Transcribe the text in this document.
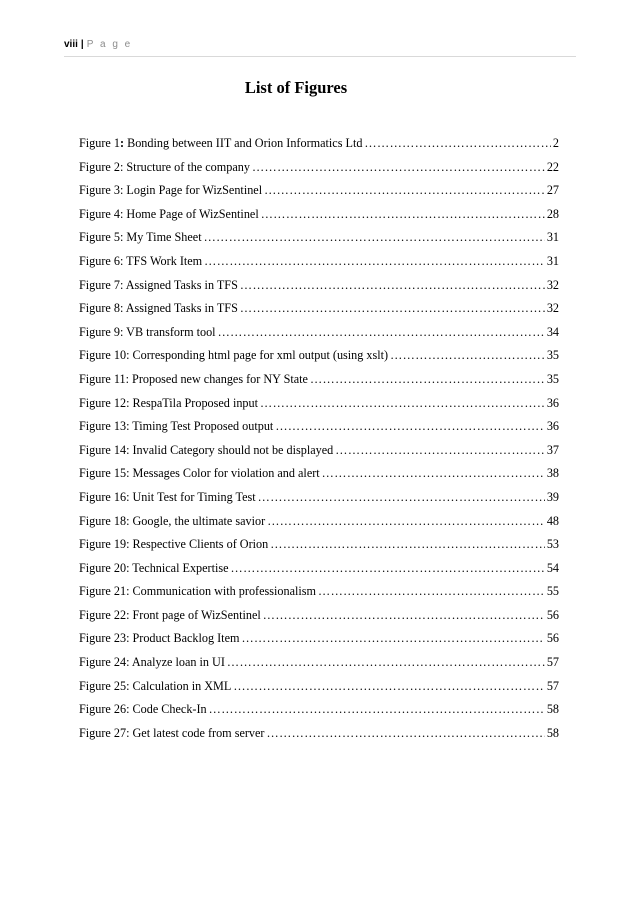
viii | P a g e
List of Figures
Figure 1: Bonding between IIT and Orion Informatics Ltd …………………………………………………………………………………………………………………………………………………………	2
Figure 2: Structure of the company …………………………………………………………………………………………………………………………………………………………	22
Figure 3: Login Page for WizSentinel …………………………………………………………………………………………………………………………………………………………	27
Figure 4: Home Page of WizSentinel …………………………………………………………………………………………………………………………………………………………	28
Figure 5: My Time Sheet …………………………………………………………………………………………………………………………………………………………	31
Figure 6: TFS Work Item …………………………………………………………………………………………………………………………………………………………	31
Figure 7: Assigned Tasks in TFS …………………………………………………………………………………………………………………………………………………………	32
Figure 8: Assigned Tasks in TFS …………………………………………………………………………………………………………………………………………………………	32
Figure 9: VB transform tool …………………………………………………………………………………………………………………………………………………………	34
Figure 10: Corresponding html page for xml output (using xslt) …………………………………………………………………………………………………………………………………………………………	35
Figure 11: Proposed new changes for NY State …………………………………………………………………………………………………………………………………………………………	35
Figure 12: RespaTila Proposed input …………………………………………………………………………………………………………………………………………………………	36
Figure 13: Timing Test Proposed output …………………………………………………………………………………………………………………………………………………………	36
Figure 14: Invalid Category should not be displayed …………………………………………………………………………………………………………………………………………………………	37
Figure 15: Messages Color for violation and alert …………………………………………………………………………………………………………………………………………………………	38
Figure 16: Unit Test for Timing Test …………………………………………………………………………………………………………………………………………………………	39
Figure 18: Google, the ultimate savior …………………………………………………………………………………………………………………………………………………………	48
Figure 19: Respective Clients of Orion …………………………………………………………………………………………………………………………………………………………	53
Figure 20: Technical Expertise …………………………………………………………………………………………………………………………………………………………	54
Figure 21: Communication with professionalism …………………………………………………………………………………………………………………………………………………………	55
Figure 22: Front page of WizSentinel …………………………………………………………………………………………………………………………………………………………	56
Figure 23: Product Backlog Item …………………………………………………………………………………………………………………………………………………………	56
Figure 24: Analyze loan in UI …………………………………………………………………………………………………………………………………………………………	57
Figure 25: Calculation in XML …………………………………………………………………………………………………………………………………………………………	57
Figure 26: Code Check-In …………………………………………………………………………………………………………………………………………………………	58
Figure 27: Get latest code from server …………………………………………………………………………………………………………………………………………………………	58
